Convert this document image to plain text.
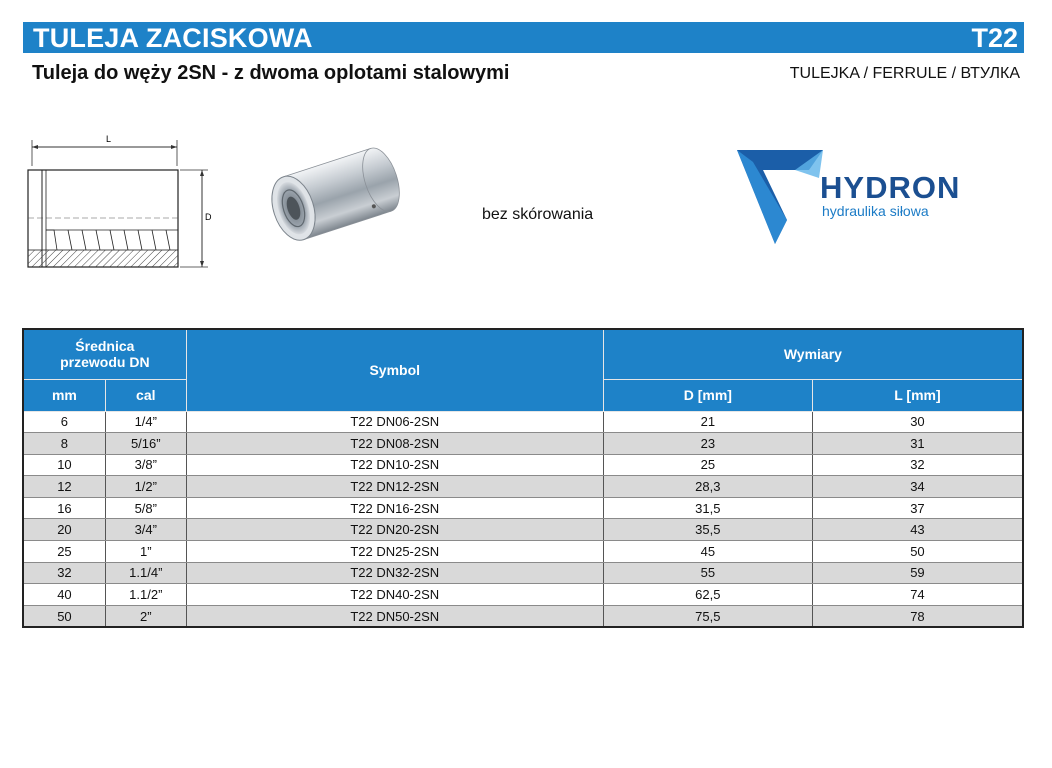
TULEJA ZACISKOWA	T22
Tuleja do węży 2SN - z dwoma oplotami stalowymi	TULEJKA / FERRULE / ВТУЛКА
L
D	bez skórowania
HYDRON
hydraulika siłowa
Średnica przewodu DN		Symbol	Wymiary	
mm	cal		D [mm]	L [mm]
6	1/4”	T22 DN06-2SN	21	30
8	5/16”	T22 DN08-2SN	23	31
10	3/8”	T22 DN10-2SN	25	32
12	1/2”	T22 DN12-2SN	28,3	34
16	5/8”	T22 DN16-2SN	31,5	37
20	3/4”	T22 DN20-2SN	35,5	43
25	1”	T22 DN25-2SN	45	50
32	1.1/4”	T22 DN32-2SN	55	59
40	1.1/2”	T22 DN40-2SN	62,5	74
50	2”	T22 DN50-2SN	75,5	78
